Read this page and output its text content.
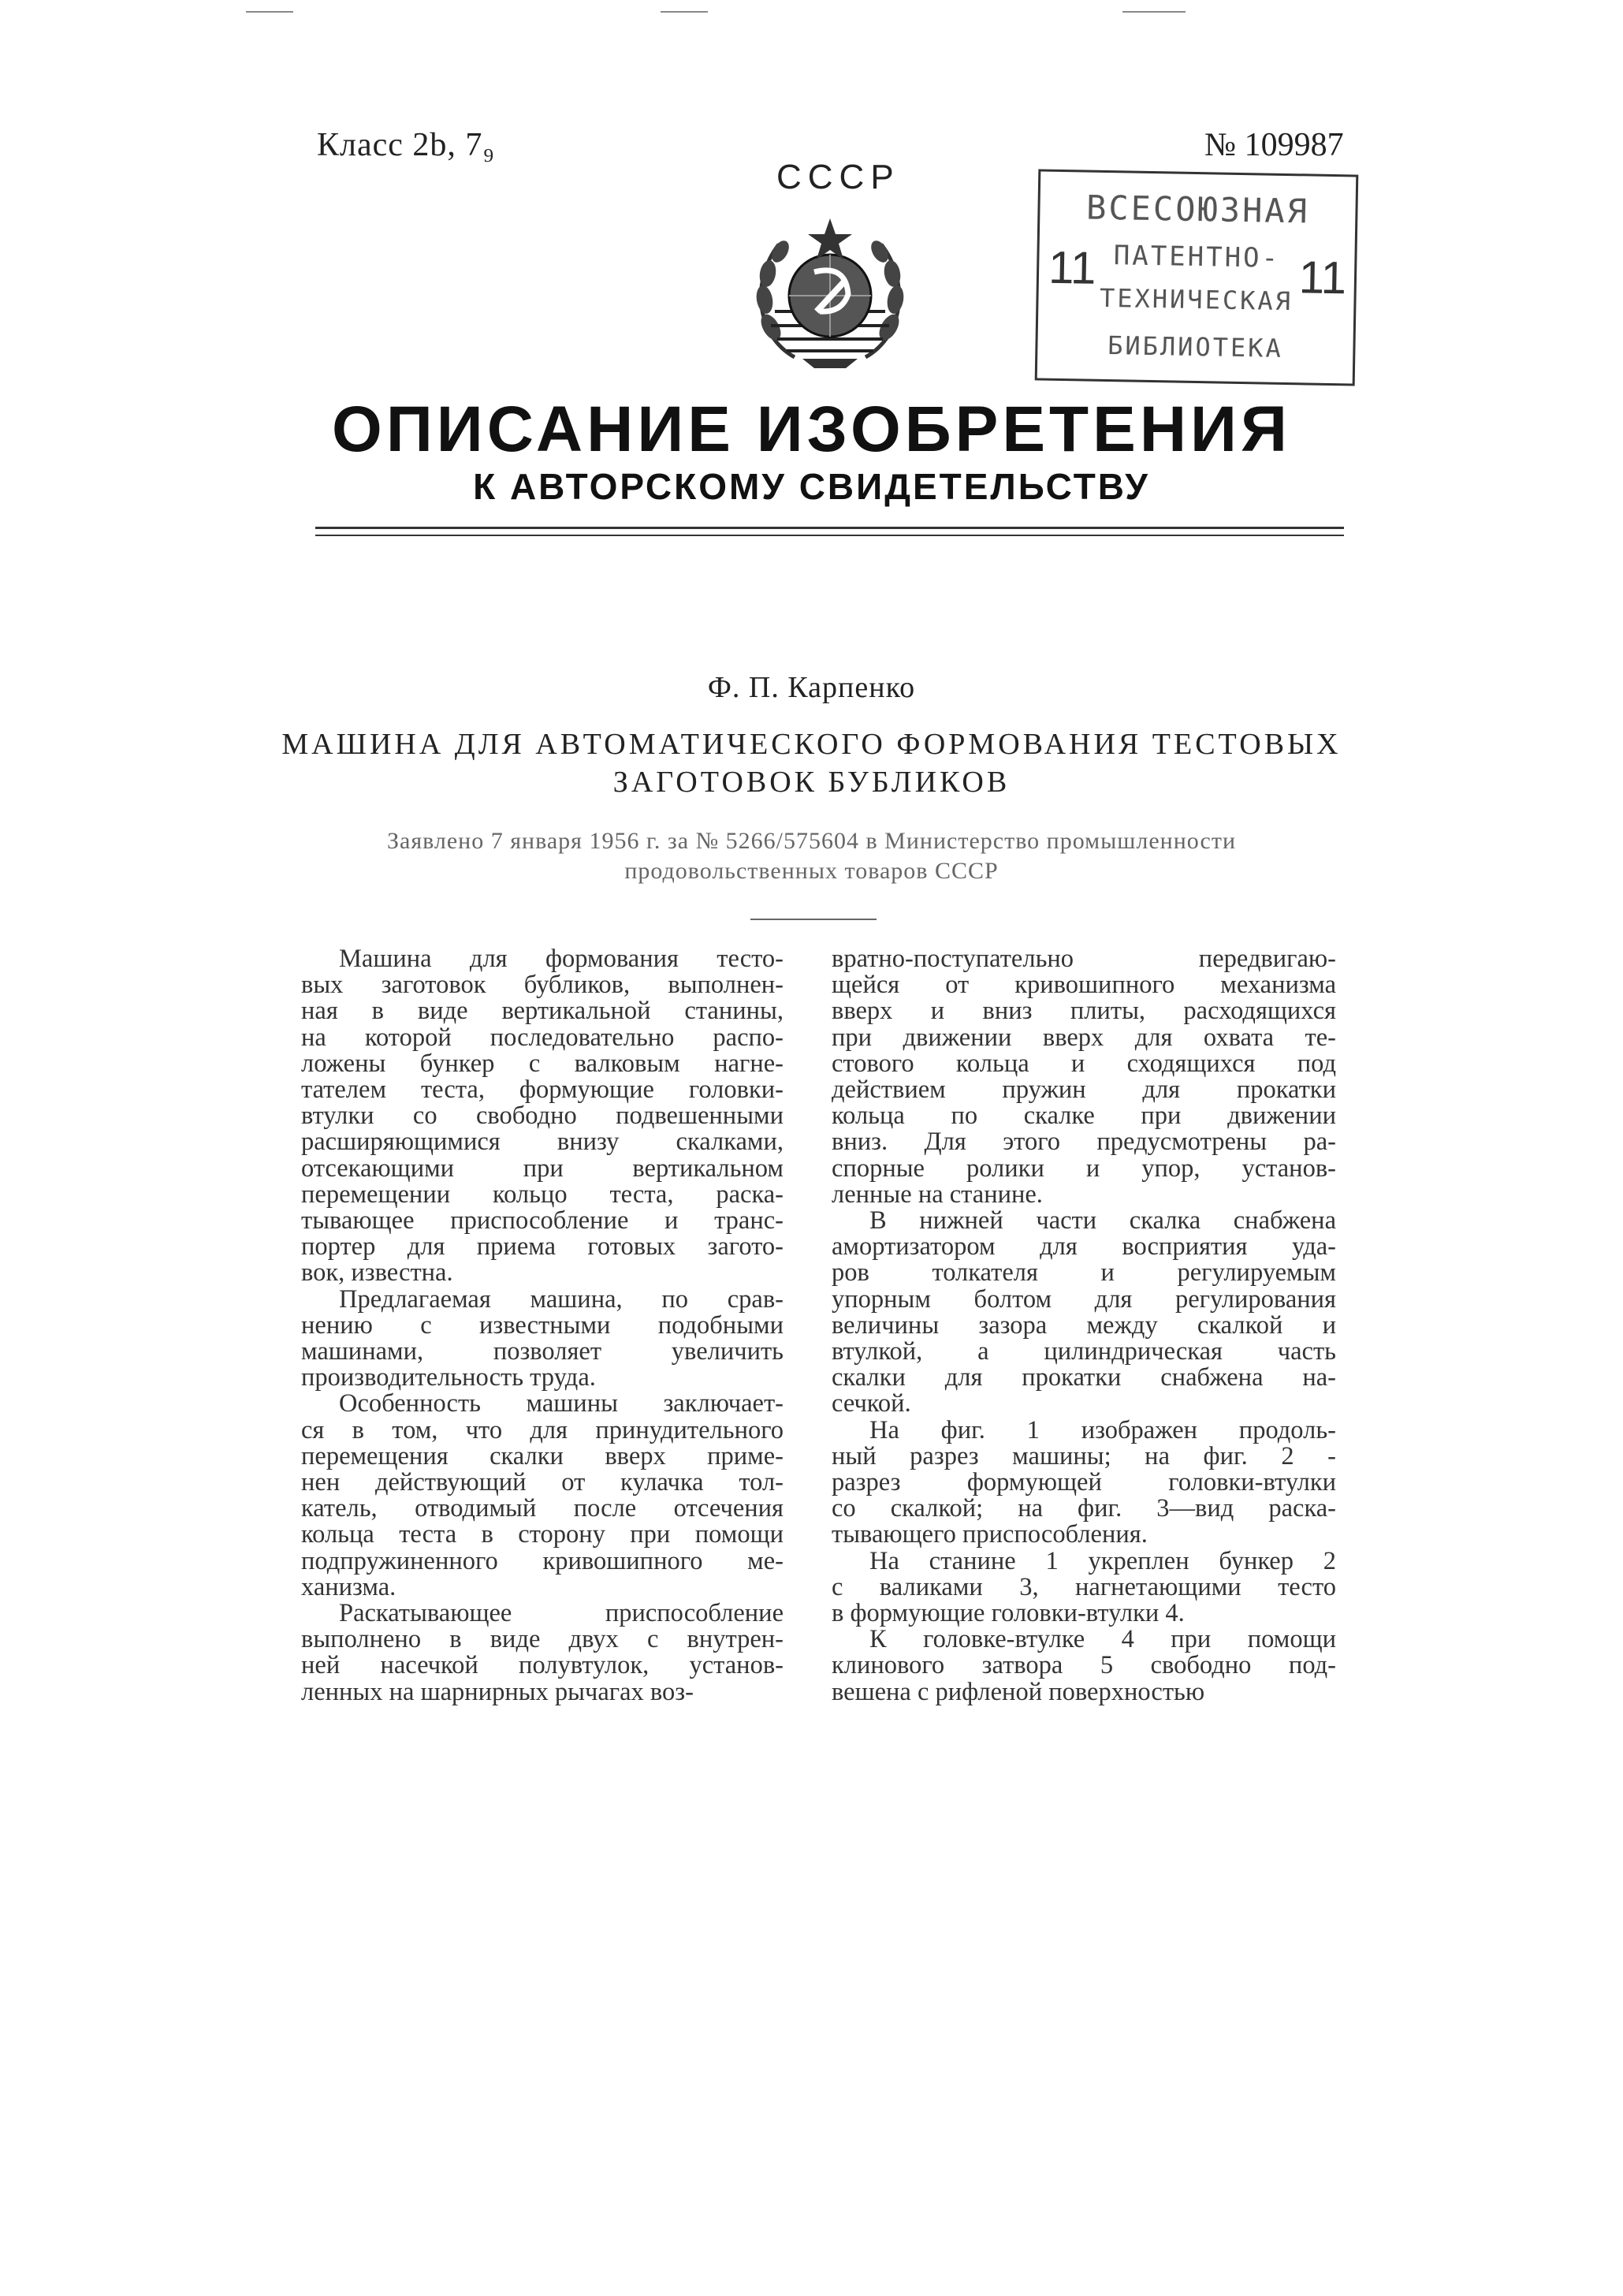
Класс 2b, 7₉	№ 109987
СССР
ВСЕСОЮЗНАЯ
ПАТЕНТНО-
ТЕХНИЧЕСКАЯ
БИБЛИОТЕКА
11	11
ОПИСАНИЕ ИЗОБРЕТЕНИЯ
К АВТОРСКОМУ СВИДЕТЕЛЬСТВУ
Ф. П. Карпенко
МАШИНА ДЛЯ АВТОМАТИЧЕСКОГО ФОРМОВАНИЯ ТЕСТОВЫХ
ЗАГОТОВОК БУБЛИКОВ
Заявлено 7 января 1956 г. за № 5266/575604 в Министерство промышленности
продовольственных товаров СССР

Машина для формования тесто-

вых заготовок бубликов, выполнен-

ная в виде вертикальной станины,

на которой последовательно распо-

ложены бункер с валковым нагне-

тателем теста, формующие головки-

втулки со свободно подвешенными

расширяющимися внизу скалками,

отсекающими при вертикальном

перемещении кольцо теста, раска-

тывающее приспособление и транс-

портер для приема готовых загото-

вок, известна.

Предлагаемая машина, по срав-

нению с известными подобными

машинами, позволяет увеличить

производительность труда.

Особенность машины заключает-

ся в том, что для принудительного

перемещения скалки вверх приме-

нен действующий от кулачка тол-

катель, отводимый после отсечения

кольца теста в сторону при помощи

подпружиненного кривошипного ме-

ханизма.

Раскатывающее приспособление

выполнено в виде двух с внутрен-

ней насечкой полувтулок, установ-

ленных на шарнирных рычагах воз-

вратно-поступательно передвигаю-

щейся от кривошипного механизма

вверх и вниз плиты, расходящихся

при движении вверх для охвата те-

стового кольца и сходящихся под

действием пружин для прокатки

кольца по скалке при движении

вниз. Для этого предусмотрены ра-

спорные ролики и упор, установ-

ленные на станине.

В нижней части скалка снабжена

амортизатором для восприятия уда-

ров толкателя и регулируемым

упорным болтом для регулирования

величины зазора между скалкой и

втулкой, а цилиндрическая часть

скалки для прокатки снабжена на-

сечкой.

На фиг. 1 изображен продоль-

ный разрез машины; на фиг. 2 -

разрез формующей головки-втулки

со скалкой; на фиг. 3—вид раска-

тывающего приспособления.

На станине 1 укреплен бункер 2

с валиками 3, нагнетающими тесто

в формующие головки-втулки 4.

К головке-втулке 4 при помощи

клинового затвора 5 свободно под-

вешена с рифленой поверхностью
